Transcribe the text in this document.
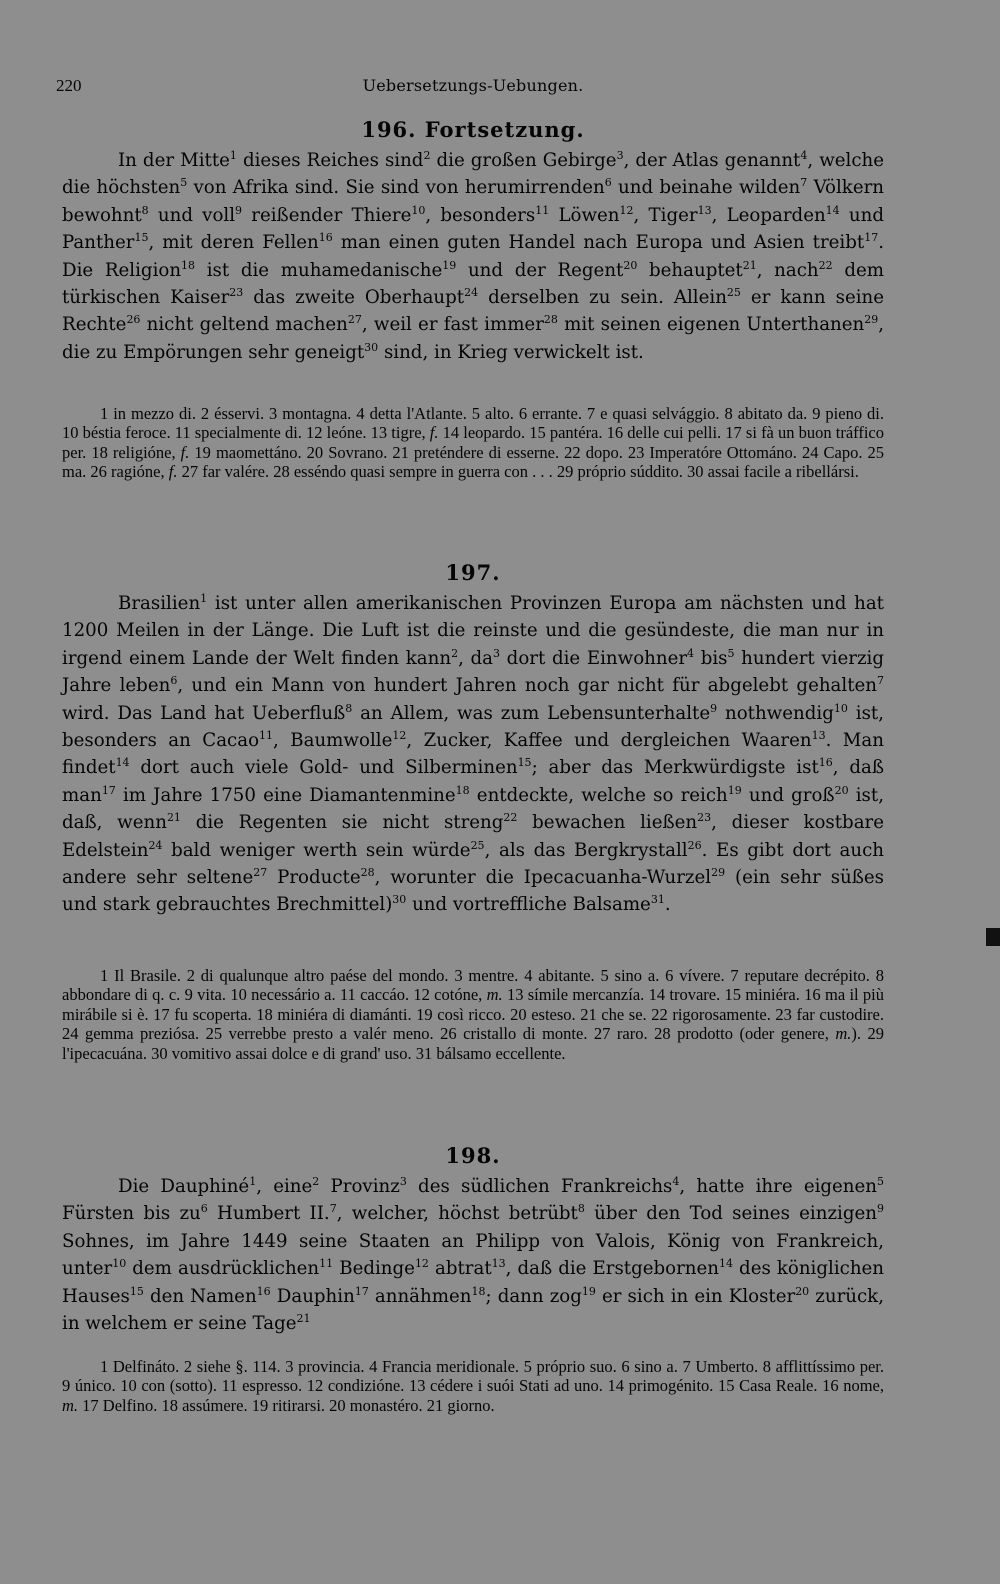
220	Uebersetzungs-Uebungen.
196. Fortsetzung.

In der Mitte$^1$ dieses Reiches sind$^2$ die großen Gebirge$^3$, der Atlas genannt$^4$, welche die höchsten$^5$ von Afrika sind. Sie sind von herumirrenden$^6$ und beinahe wilden$^7$ Völkern bewohnt$^8$ und voll$^9$ reißender Thiere$^{10}$, besonders$^{11}$ Löwen$^{12}$, Tiger$^{13}$, Leoparden$^{14}$ und Panther$^{15}$, mit deren Fellen$^{16}$ man einen guten Handel nach Europa und Asien treibt$^{17}$. Die Religion$^{18}$ ist die muhamedanische$^{19}$ und der Regent$^{20}$ behauptet$^{21}$, nach$^{22}$ dem türkischen Kaiser$^{23}$ das zweite Oberhaupt$^{24}$ derselben zu sein. Allein$^{25}$ er kann seine Rechte$^{26}$ nicht geltend machen$^{27}$, weil er fast immer$^{28}$ mit seinen eigenen Unterthanen$^{29}$, die zu Empörungen sehr geneigt$^{30}$ sind, in Krieg verwickelt ist.

1 in mezzo di. 2 ésservi. 3 montagna. 4 detta l'Atlante. 5 alto. 6 errante. 7 e quasi selvággio. 8 abitato da. 9 pieno di. 10 béstia feroce. 11 specialmente di. 12 leóne. 13 tigre, f. 14 leopardo. 15 pantéra. 16 delle cui pelli. 17 si fà un buon tráffico per. 18 religióne, f. 19 maomettáno. 20 Sovrano. 21 preténdere di esserne. 22 dopo. 23 Imperatóre Ottománo. 24 Capo. 25 ma. 26 ragióne, f. 27 far valére. 28 esséndo quasi sempre in guerra con . . . 29 próprio súddito. 30 assai facile a ribellársi.

197.

Brasilien$^1$ ist unter allen amerikanischen Provinzen Europa am nächsten und hat 1200 Meilen in der Länge. Die Luft ist die reinste und die gesündeste, die man nur in irgend einem Lande der Welt finden kann$^2$, $da^3$ dort die Einwohner$^4$ bis$^5$ hundert vierzig Jahre leben$^6$, und ein Mann von hundert Jahren noch gar nicht für abgelebt gehalten$^7$ wird. Das Land hat Ueberfluß$^8$ an Allem, was zum Lebensunterhalte$^9$ nothwendig$^{10}$ ist, besonders an Cacao$^{11}$, Baumwolle$^{12}$, Zucker, Kaffee und dergleichen Waaren$^{13}$. Man findet$^{14}$ dort auch viele Gold- und Silberminen$^{15}$; aber das Merkwürdigste ist$^{16}$, daß man$^{17}$ im Jahre 1750 eine Diamantenmine$^{18}$ entdeckte, welche so reich$^{19}$ und groß$^{20}$ ist, daß, wenn$^{21}$ die Regenten sie nicht streng$^{22}$ bewachen ließen$^{23}$, dieser kostbare Edelstein$^{24}$ bald weniger werth sein würde$^{25}$, als das Bergkrystall$^{26}$. Es gibt dort auch andere sehr seltene$^{27}$ Producte$^{28}$, worunter die Ipecacuanha-Wurzel$^{29}$ (ein sehr süßes und stark gebrauchtes Brechmittel)$^{30}$ und vortreffliche Balsame$^{31}$.

1 Il Brasile. 2 di qualunque altro paése del mondo. 3 mentre. 4 abitante. 5 sino a. 6 vívere. 7 reputare decrépito. 8 abbondare di q. c. 9 vita. 10 necessário a. 11 caccáo. 12 cotóne, m. 13 símile mercanzía. 14 trovare. 15 miniéra. 16 ma il più mirábile si è. 17 fu scoperta. 18 miniéra di diamánti. 19 così ricco. 20 esteso. 21 che se. 22 rigorosamente. 23 far custodire. 24 gemma preziósa. 25 verrebbe presto a valér meno. 26 cristallo di monte. 27 raro. 28 prodotto (oder genere, m.). 29 l'ipecacuána. 30 vomitivo assai dolce e di grand' uso. 31 bálsamo eccellente.

198.

Die Dauphiné$^1$, eine$^2$ Provinz$^3$ des südlichen Frankreichs$^4$, hatte ihre eigenen$^5$ Fürsten bis $zu^6$ Humbert II.$^7$, welcher, höchst betrübt$^8$ über den Tod seines einzigen$^9$ Sohnes, im Jahre 1449 seine Staaten an Philipp von Valois, König von Frankreich, unter$^{10}$ dem ausdrücklichen$^{11}$ Bedinge$^{12}$ abtrat$^{13}$, daß die Erstgebornen$^{14}$ des königlichen Hauses$^{15}$ den Namen$^{16}$ Dauphin$^{17}$ annähmen$^{18}$; dann zog$^{19}$ er sich in ein Kloster$^{20}$ zurück, in welchem er seine Tage$^{21}$

1 Delfináto. 2 siehe §. 114. 3 provincia. 4 Francia meridionale. 5 próprio suo. 6 sino a. 7 Umberto. 8 afflittíssimo per. 9 único. 10 con (sotto). 11 espresso. 12 condizióne. 13 cédere i suói Stati ad uno. 14 primogénito. 15 Casa Reale. 16 nome, m. 17 Delfino. 18 assúmere. 19 ritirarsi. 20 monastéro. 21 giorno.
